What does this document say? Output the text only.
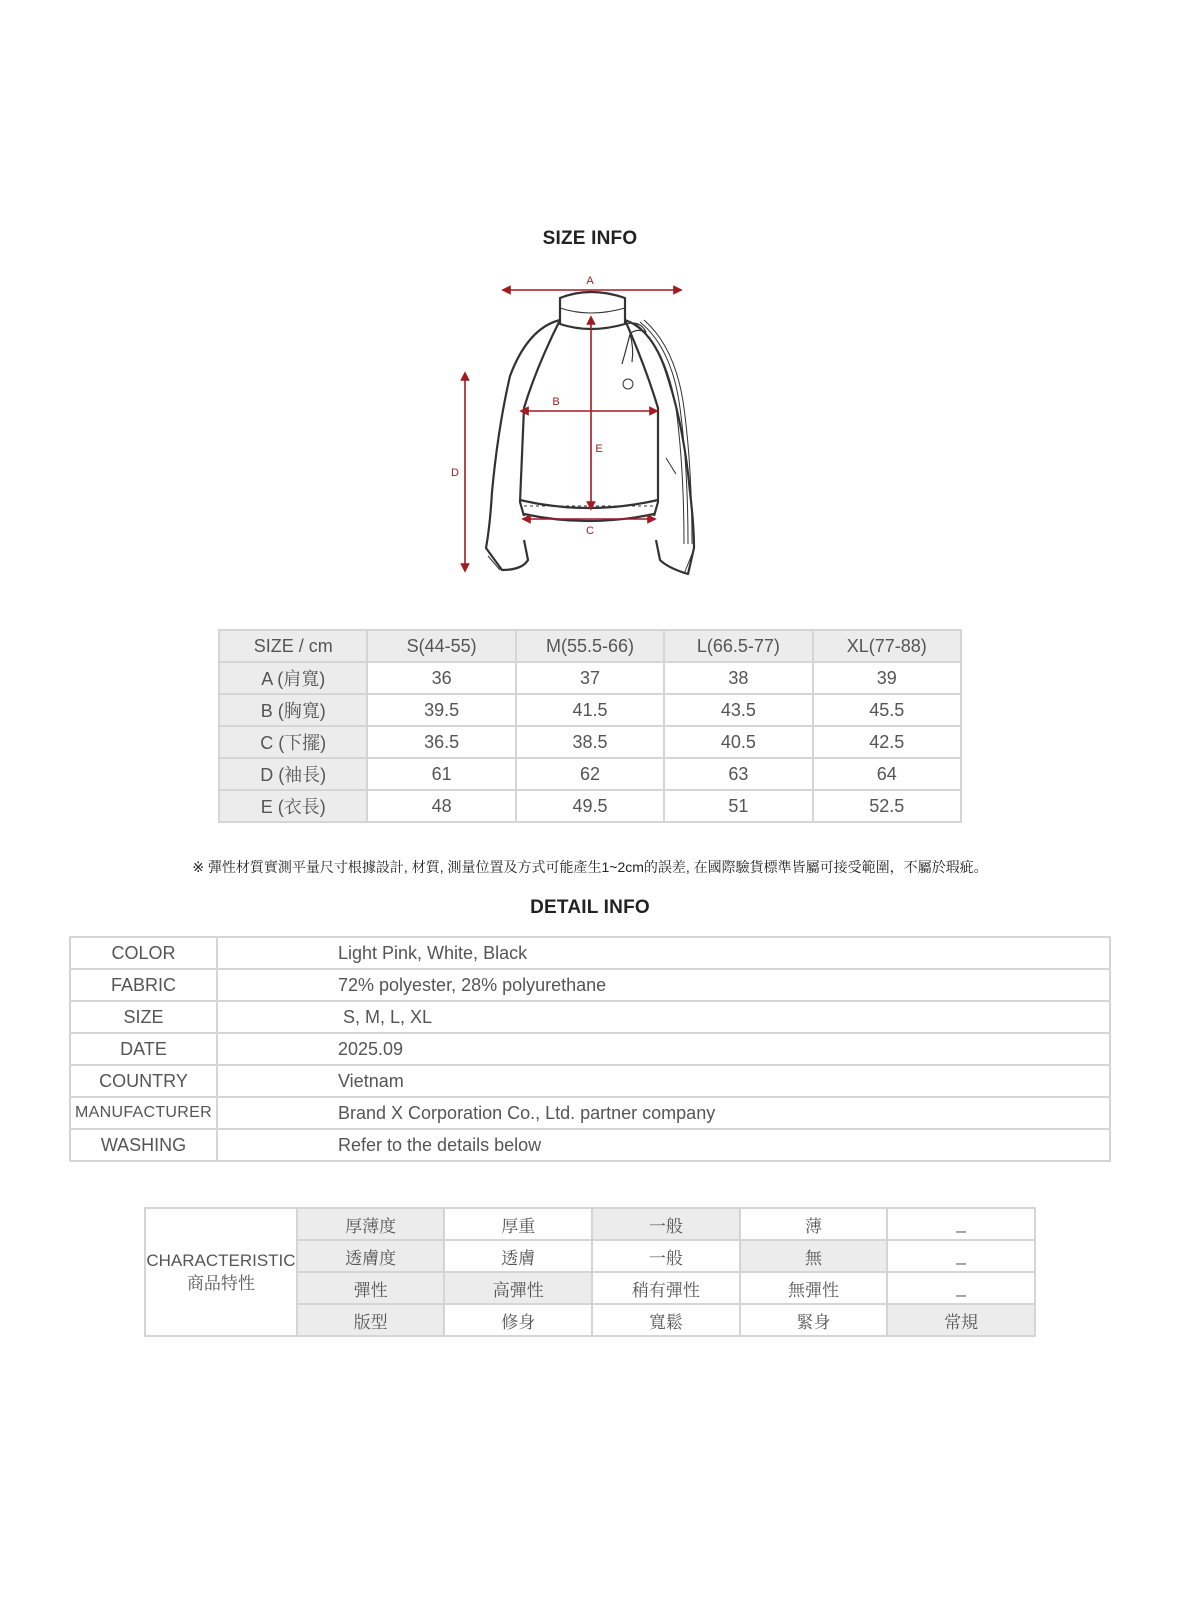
SIZE INFO
A
B
C
D
E
SIZE / cm	S(44-55)	M(55.5-66)	L(66.5-77)	XL(77-88)
A (肩寬)	36	37	38	39
B (胸寬)	39.5	41.5	43.5	45.5
C (下擺)	36.5	38.5	40.5	42.5
D (袖長)	61	62	63	64
E (衣長)	48	49.5	51	52.5
※ 彈性材質實測平量尺寸根據設計, 材質, 測量位置及方式可能產生1~2cm的誤差, 在國際驗貨標準皆屬可接受範圍，不屬於瑕疵。
DETAIL INFO
COLOR	Light Pink, White, Black
FABRIC	72% polyester, 28% polyurethane
SIZE	S, M, L, XL
DATE	2025.09
COUNTRY	Vietnam
MANUFACTURER	Brand X Corporation Co., Ltd. partner company
WASHING	Refer to the details below
CHARACTERISTIC
商品特性	厚薄度	厚重	一般	薄	_
	透膚度	透膚	一般	無	_
	彈性	高彈性	稍有彈性	無彈性	_
	版型	修身	寬鬆	緊身	常規
